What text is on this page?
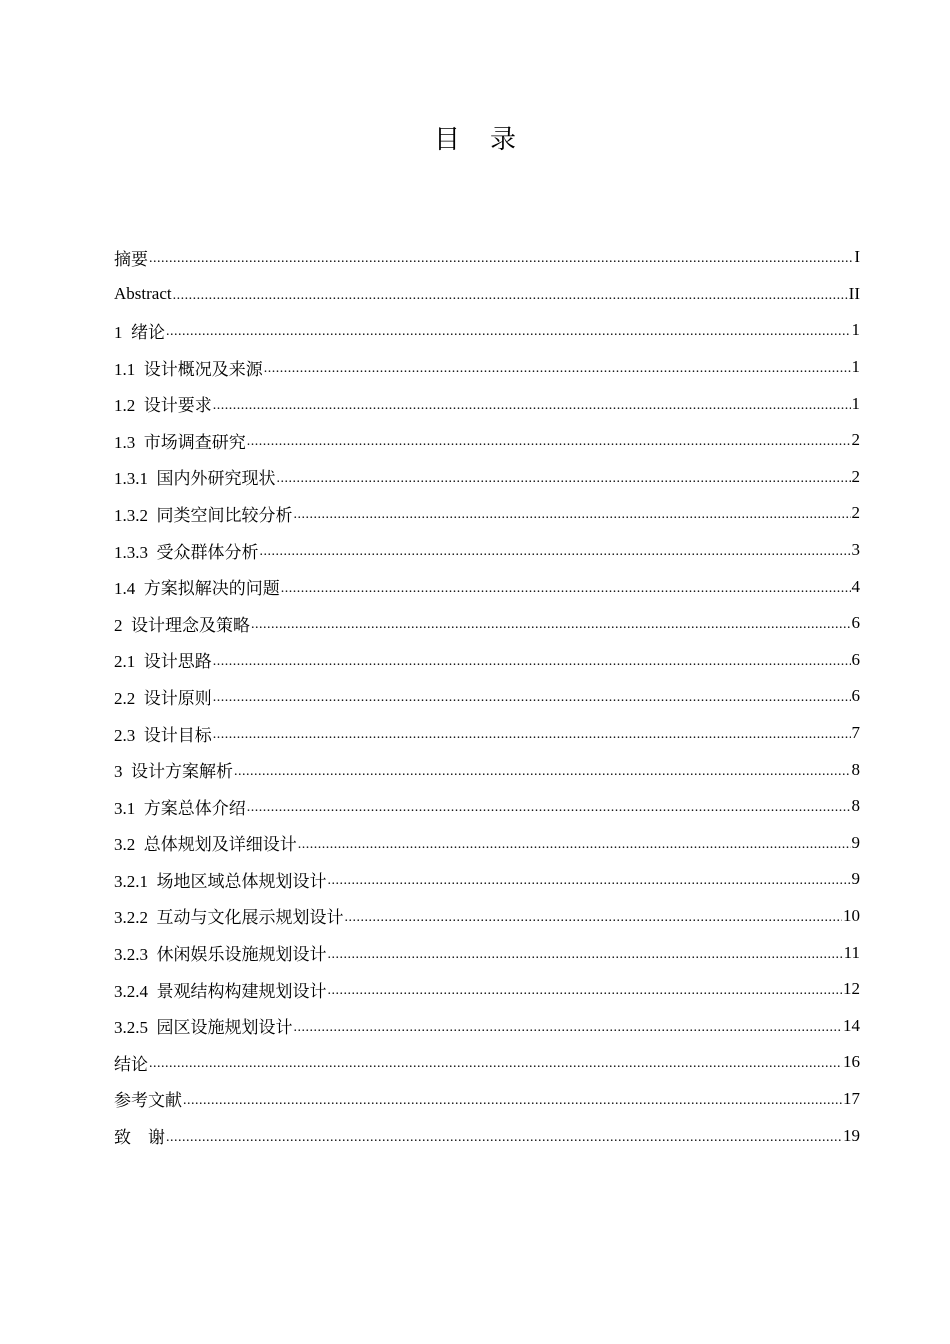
目录
摘要 .....	I
Abstract .....	II
1  绪论 .....	1
1.1  设计概况及来源 .....	1
1.2  设计要求 .....	1
1.3  市场调查研究 .....	2
1.3.1  国内外研究现状 .....	2
1.3.2  同类空间比较分析 .....	2
1.3.3  受众群体分析 .....	3
1.4  方案拟解决的问题 .....	4
2  设计理念及策略 .....	6
2.1  设计思路 .....	6
2.2  设计原则 .....	6
2.3  设计目标 .....	7
3  设计方案解析 .....	8
3.1  方案总体介绍 .....	8
3.2  总体规划及详细设计 .....	9
3.2.1  场地区域总体规划设计 .....	9
3.2.2  互动与文化展示规划设计 .....	10
3.2.3  休闲娱乐设施规划设计 .....	11
3.2.4  景观结构构建规划设计 .....	12
3.2.5  园区设施规划设计 .....	14
结论 .....	16
参考文献 .....	17
致    谢 .....	19
